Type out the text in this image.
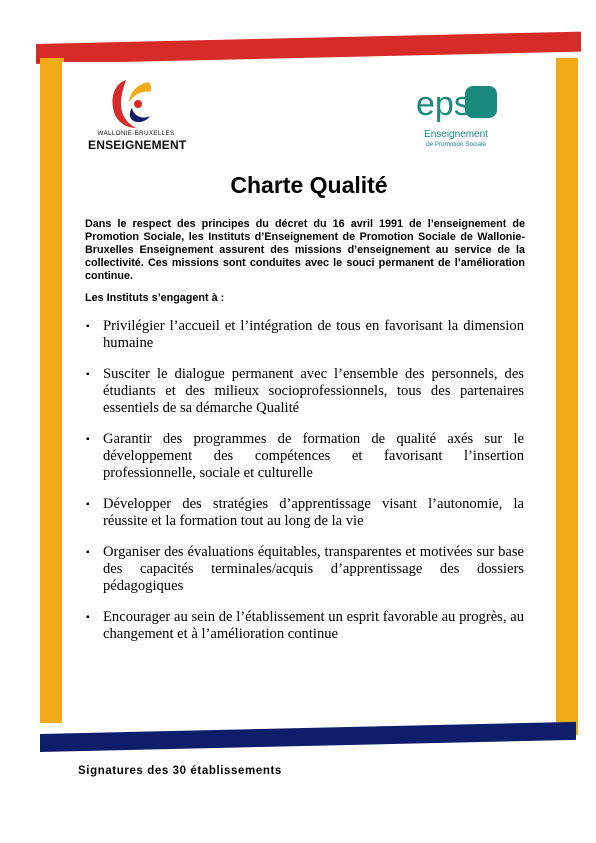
WALLONIE-BRUXELLES
ENSEIGNEMENT
eps
Enseignement
de Promotion Sociale
Charte Qualité

Dans le respect des principes du décret du 16 avril 1991 de l’enseignement de Promotion Sociale, les Instituts d’Enseignement de Promotion Sociale de Wallonie-Bruxelles Enseignement assurent des missions d’enseignement au service de la collectivité. Ces missions sont conduites avec le souci permanent de l’amélioration continue.

Les Instituts s’engagent à :
▪ Privilégier l’accueil et l’intégration de tous en favorisant la dimension humaine
▪ Susciter le dialogue permanent avec l’ensemble des personnels, des étudiants et des milieux socioprofessionnels, tous des partenaires essentiels de sa démarche Qualité
▪ Garantir des programmes de formation de qualité axés sur le développement des compétences et favorisant l’insertion professionnelle, sociale et culturelle
▪ Développer des stratégies d’apprentissage visant l’autonomie, la réussite et la formation tout au long de la vie
▪ Organiser des évaluations équitables, transparentes et motivées sur base des capacités terminales/acquis d’apprentissage des dossiers pédagogiques
▪ Encourager au sein de l’établissement un esprit favorable au progrès, au changement et à l’amélioration continue
Signatures des 30 établissements
